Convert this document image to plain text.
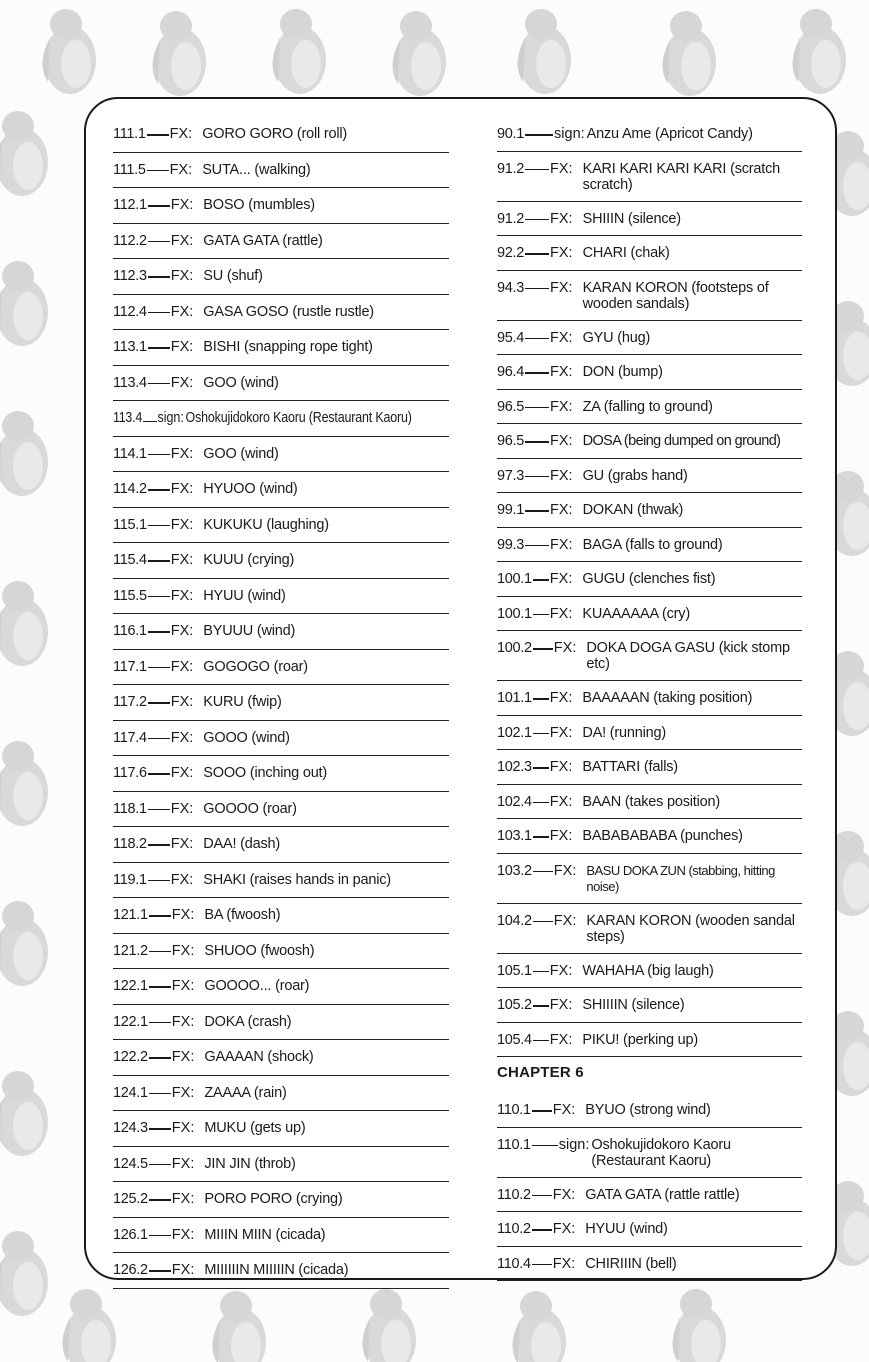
111.1 FX: GORO GORO (roll roll)
111.5 FX: SUTA... (walking)
112.1 FX: BOSO (mumbles)
112.2 FX: GATA GATA (rattle)
112.3 FX: SU (shuf)
112.4 FX: GASA GOSO (rustle rustle)
113.1 FX: BISHI (snapping rope tight)
113.4 FX: GOO (wind)
113.4 sign: Oshokujidokoro Kaoru (Restaurant Kaoru)
114.1 FX: GOO (wind)
114.2 FX: HYUOO (wind)
115.1 FX: KUKUKU (laughing)
115.4 FX: KUUU (crying)
115.5 FX: HYUU (wind)
116.1 FX: BYUUU (wind)
117.1 FX: GOGOGO (roar)
117.2 FX: KURU (fwip)
117.4 FX: GOOO (wind)
117.6 FX: SOOO (inching out)
118.1 FX: GOOOO (roar)
118.2 FX: DAA! (dash)
119.1 FX: SHAKI (raises hands in panic)
121.1 FX: BA (fwoosh)
121.2 FX: SHUOO (fwoosh)
122.1 FX: GOOOO... (roar)
122.1 FX: DOKA (crash)
122.2 FX: GAAAAN (shock)
124.1 FX: ZAAAA (rain)
124.3 FX: MUKU (gets up)
124.5 FX: JIN JIN (throb)
125.2 FX: PORO PORO (crying)
126.1 FX: MIIIN MIIN (cicada)
126.2 FX: MIIIIIIN MIIIIIN (cicada)
90.1 sign: Anzu Ame (Apricot Candy)
91.2 FX: KARI KARI KARI KARI (scratch scratch)
91.2 FX: SHIIIN (silence)
92.2 FX: CHARI (chak)
94.3 FX: KARAN KORON (footsteps of wooden sandals)
95.4 FX: GYU (hug)
96.4 FX: DON (bump)
96.5 FX: ZA (falling to ground)
96.5 FX: DOSA (being dumped on ground)
97.3 FX: GU (grabs hand)
99.1 FX: DOKAN (thwak)
99.3 FX: BAGA (falls to ground)
100.1 FX: GUGU (clenches fist)
100.1 FX: KUAAAAAA (cry)
100.2 FX: DOKA DOGA GASU (kick stomp etc)
101.1 FX: BAAAAAN (taking position)
102.1 FX: DA! (running)
102.3 FX: BATTARI (falls)
102.4 FX: BAAN (takes position)
103.1 FX: BABABABABA (punches)
103.2 FX: BASU DOKA ZUN (stabbing, hitting noise)
104.2 FX: KARAN KORON (wooden sandal steps)
105.1 FX: WAHAHA (big laugh)
105.2 FX: SHIIIIN (silence)
105.4 FX: PIKU! (perking up)
CHAPTER 6
110.1 FX: BYUO (strong wind)
110.1 sign: Oshokujidokoro Kaoru (Restaurant Kaoru)
110.2 FX: GATA GATA (rattle rattle)
110.2 FX: HYUU (wind)
110.4 FX: CHIRIIIN (bell)
